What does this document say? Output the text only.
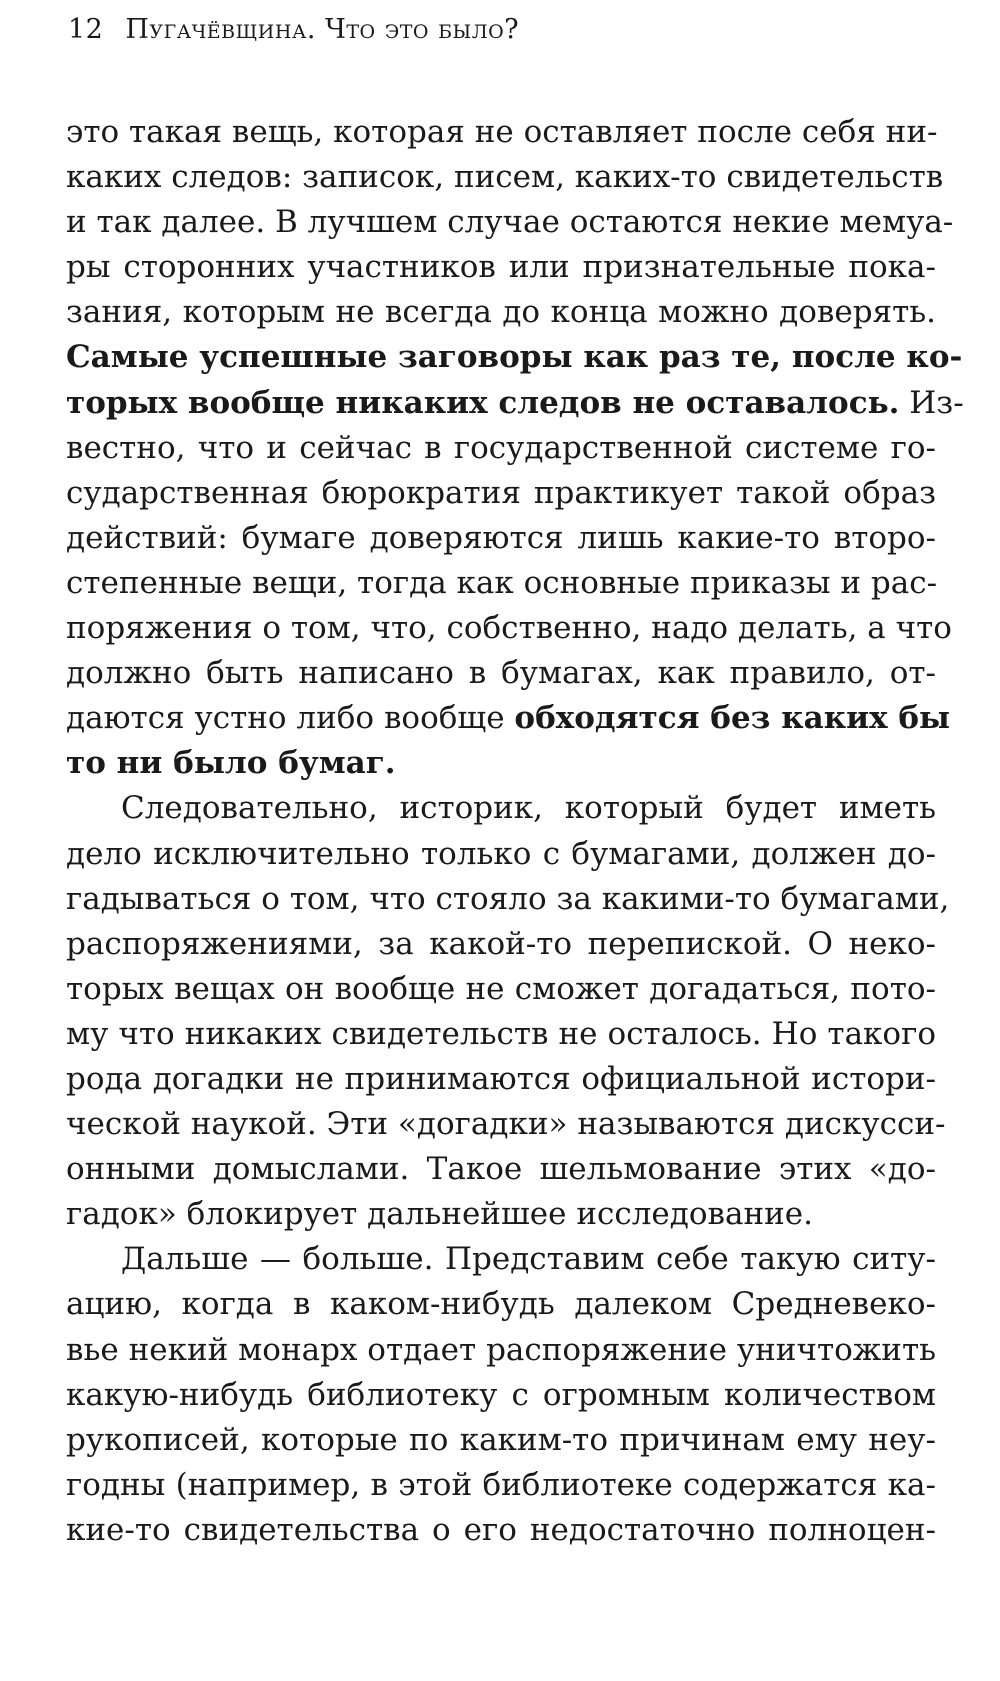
12 Пугачёвщина. Что это было?
это такая вещь, которая не оставляет после себя ни-
каких следов: записок, писем, каких-то свидетельств
и так далее. В лучшем случае остаются некие мемуа-
ры сторонних участников или признательные пока-
зания, которым не всегда до конца можно доверять.
Самые успешные заговоры как раз те, после ко-
торых вообще никаких следов не оставалось. Из-
вестно, что и сейчас в государственной системе го-
сударственная бюрократия практикует такой образ
действий: бумаге доверяются лишь какие-то второ-
степенные вещи, тогда как основные приказы и рас-
поряжения о том, что, собственно, надо делать, а что
должно быть написано в бумагах, как правило, от-
даются устно либо вообще обходятся без каких бы
то ни было бумаг.
Следовательно, историк, который будет иметь
дело исключительно только с бумагами, должен до-
гадываться о том, что стояло за какими-то бумагами,
распоряжениями, за какой-то перепиской. О неко-
торых вещах он вообще не сможет догадаться, пото-
му что никаких свидетельств не осталось. Но такого
рода догадки не принимаются официальной истори-
ческой наукой. Эти «догадки» называются дискусси-
онными домыслами. Такое шельмование этих «до-
гадок» блокирует дальнейшее исследование.
Дальше — больше. Представим себе такую ситу-
ацию, когда в каком-нибудь далеком Средневеко-
вье некий монарх отдает распоряжение уничтожить
какую-нибудь библиотеку с огромным количеством
рукописей, которые по каким-то причинам ему неу-
годны (например, в этой библиотеке содержатся ка-
кие-то свидетельства о его недостаточно полноцен-
